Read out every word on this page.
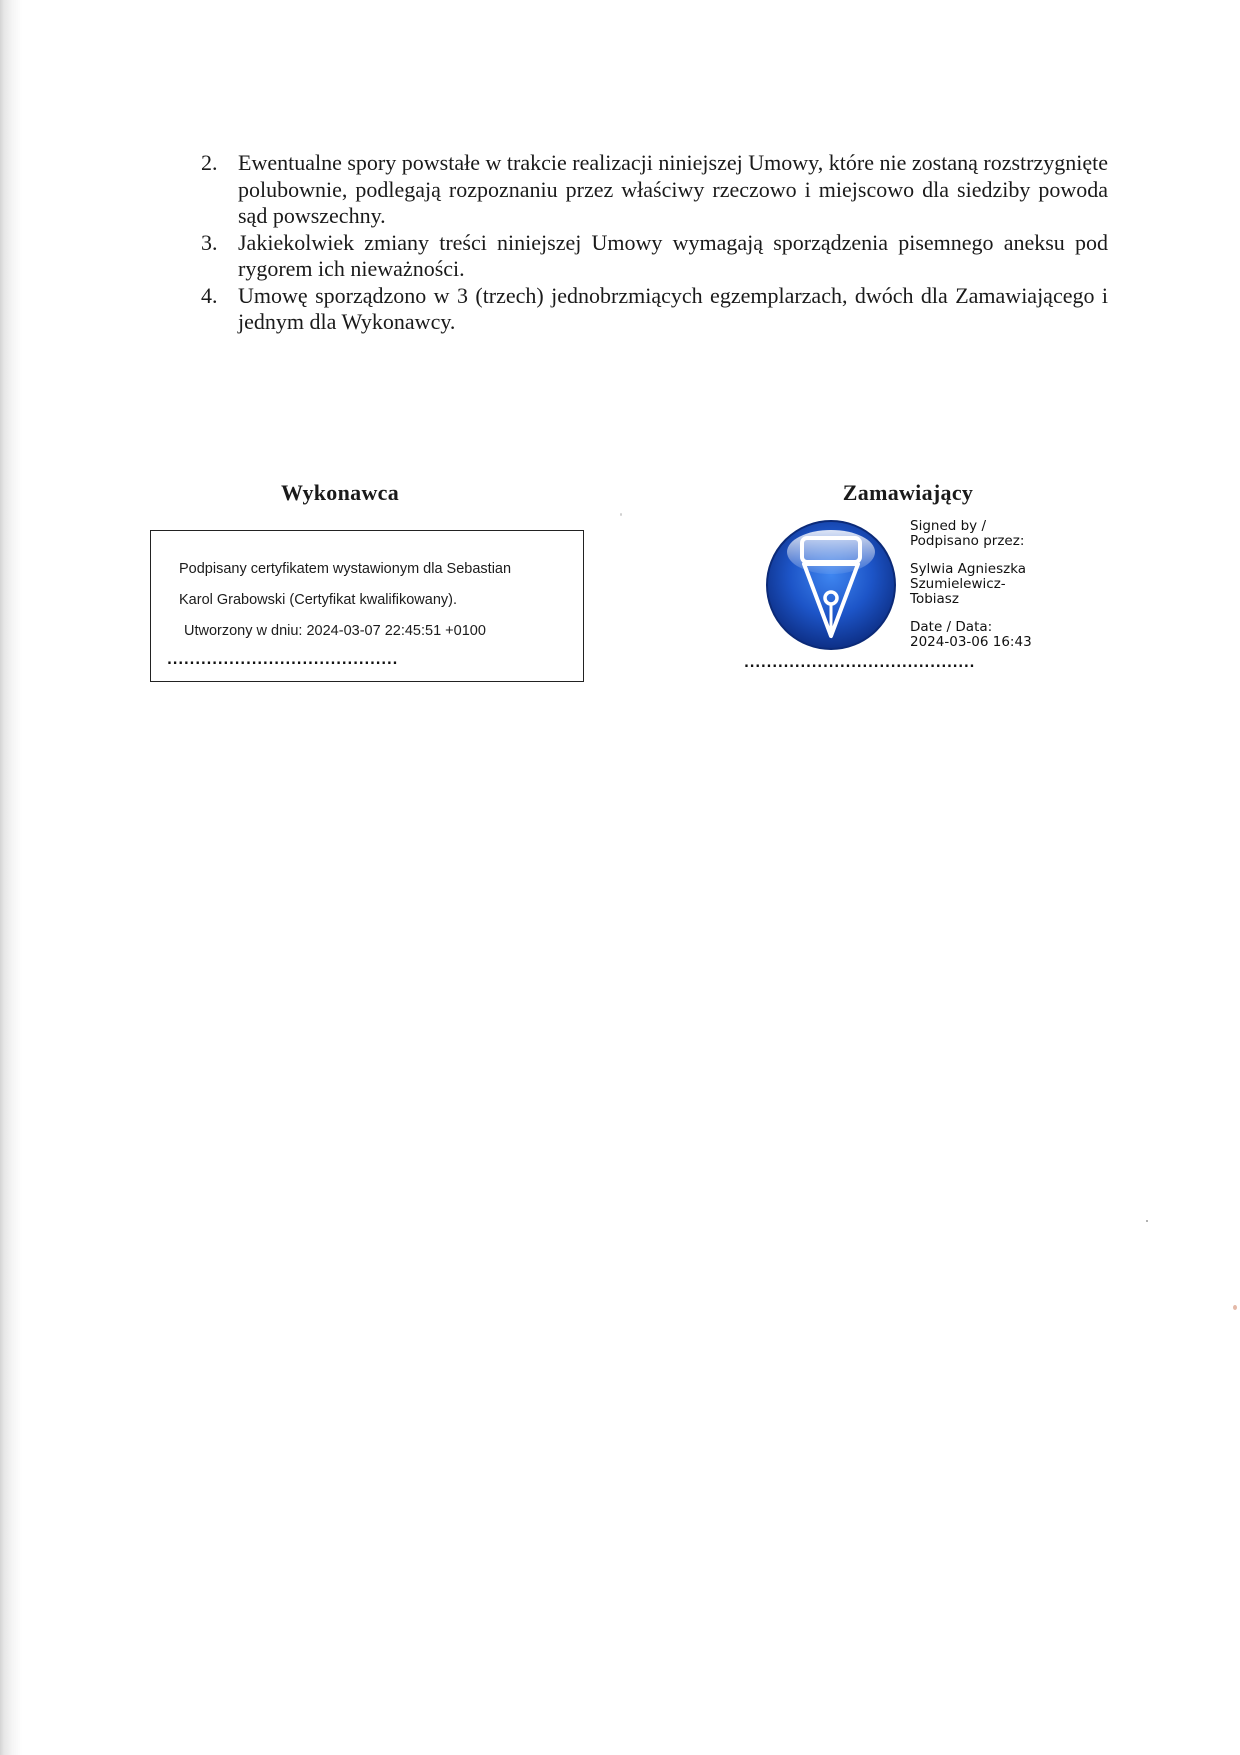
2. Ewentualne spory powstałe w trakcie realizacji niniejszej Umowy, które nie zostaną rozstrzygnięte polubownie, podlegają rozpoznaniu przez właściwy rzeczowo i miejscowo dla siedziby powoda sąd powszechny.
3. Jakiekolwiek zmiany treści niniejszej Umowy wymagają sporządzenia pisemnego aneksu pod rygorem ich nieważności.
4. Umowę sporządzono w 3 (trzech) jednobrzmiących egzemplarzach, dwóch dla Zamawiającego i jednym dla Wykonawcy.
Wykonawca	Zamawiający
Podpisany certyfikatem wystawionym dla Sebastian
Karol Grabowski (Certyfikat kwalifikowany).
Utworzony w dniu: 2024-03-07 22:45:51 +0100
.........................................
Signed by /
Podpisano przez:
Sylwia Agnieszka
Szumielewicz-
Tobiasz
Date / Data:
2024-03-06 16:43
.........................................
